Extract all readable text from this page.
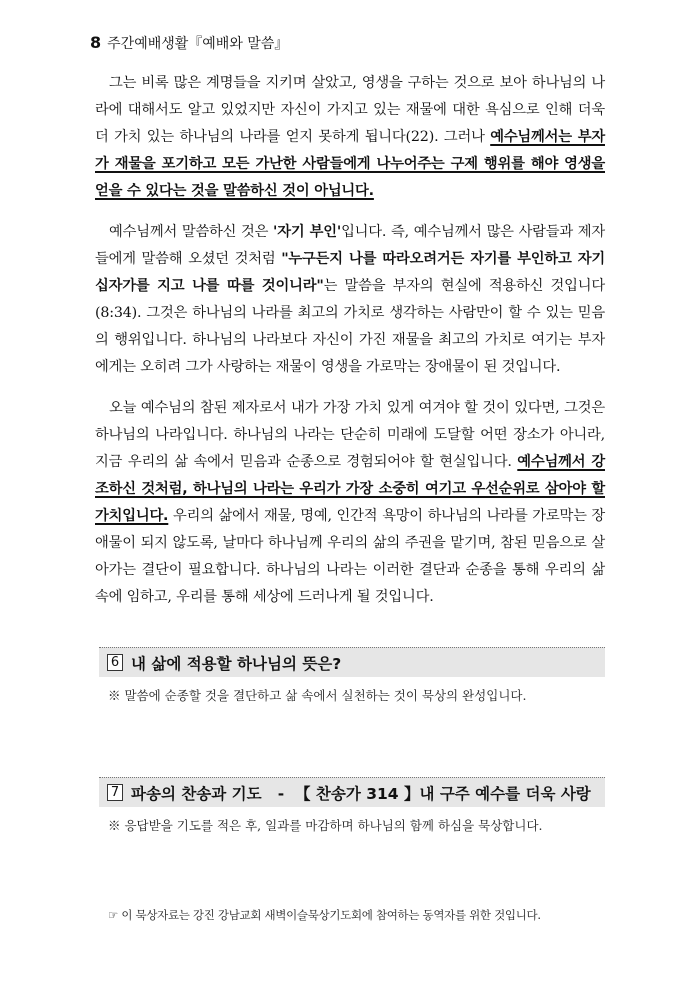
8 주간예배생활『예배와 말씀』

그는 비록 많은 계명들을 지키며 살았고, 영생을 구하는 것으로 보아 하나님의 나라에 대해서도 알고 있었지만 자신이 가지고 있는 재물에 대한 욕심으로 인해 더욱더 가치 있는 하나님의 나라를 얻지 못하게 됩니다(22). 그러나 예수님께서는 부자가 재물을 포기하고 모든 가난한 사람들에게 나누어주는 구제 행위를 해야 영생을 얻을 수 있다는 것을 말씀하신 것이 아닙니다.

예수님께서 말씀하신 것은 '자기 부인'입니다. 즉, 예수님께서 많은 사람들과 제자들에게 말씀해 오셨던 것처럼 "누구든지 나를 따라오려거든 자기를 부인하고 자기 십자가를 지고 나를 따를 것이니라"는 말씀을 부자의 현실에 적용하신 것입니다(8:34). 그것은 하나님의 나라를 최고의 가치로 생각하는 사람만이 할 수 있는 믿음의 행위입니다. 하나님의 나라보다 자신이 가진 재물을 최고의 가치로 여기는 부자에게는 오히려 그가 사랑하는 재물이 영생을 가로막는 장애물이 된 것입니다.

오늘 예수님의 참된 제자로서 내가 가장 가치 있게 여겨야 할 것이 있다면, 그것은 하나님의 나라입니다. 하나님의 나라는 단순히 미래에 도달할 어떤 장소가 아니라, 지금 우리의 삶 속에서 믿음과 순종으로 경험되어야 할 현실입니다. 예수님께서 강조하신 것처럼, 하나님의 나라는 우리가 가장 소중히 여기고 우선순위로 삼아야 할 가치입니다. 우리의 삶에서 재물, 명예, 인간적 욕망이 하나님의 나라를 가로막는 장애물이 되지 않도록, 날마다 하나님께 우리의 삶의 주권을 맡기며, 참된 믿음으로 살아가는 결단이 필요합니다. 하나님의 나라는 이러한 결단과 순종을 통해 우리의 삶 속에 임하고, 우리를 통해 세상에 드러나게 될 것입니다.

6 내 삶에 적용할 하나님의 뜻은?
※ 말씀에 순종할 것을 결단하고 삶 속에서 실천하는 것이 묵상의 완성입니다.
7 파송의 찬송과 기도   -  【 찬송가 314 】내 구주 예수를 더욱 사랑
※ 응답받을 기도를 적은 후, 일과를 마감하며 하나님의 함께 하심을 묵상합니다.
☞ 이 묵상자료는 강진 강남교회 새벽이슬묵상기도회에 참여하는 동역자를 위한 것입니다.
